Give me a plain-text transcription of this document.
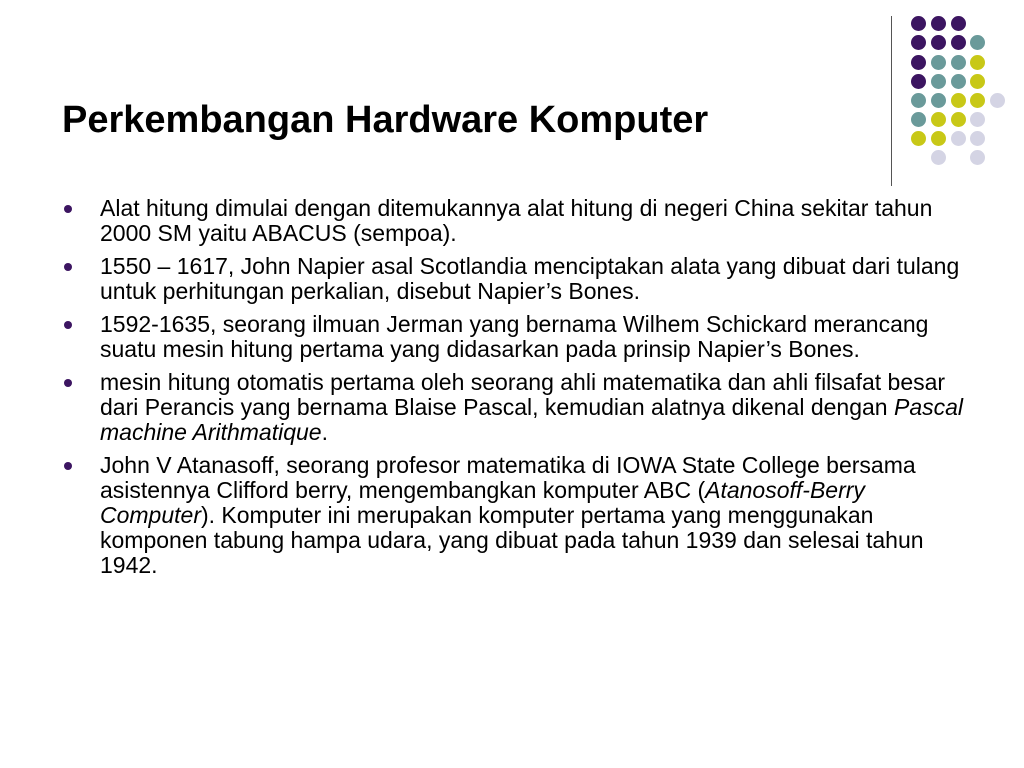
Perkembangan Hardware Komputer
Alat hitung dimulai dengan ditemukannya alat hitung di negeri China sekitar tahun 2000 SM yaitu ABACUS (sempoa).
1550 – 1617, John Napier asal Scotlandia menciptakan alata yang dibuat dari tulang untuk perhitungan perkalian, disebut Napier’s Bones.
1592-1635, seorang ilmuan Jerman yang bernama Wilhem Schickard merancang suatu mesin hitung pertama yang didasarkan pada prinsip Napier’s Bones.
mesin hitung otomatis pertama oleh seorang ahli matematika dan ahli filsafat besar dari Perancis yang bernama Blaise Pascal, kemudian alatnya dikenal dengan Pascal machine Arithmatique.
John V Atanasoff, seorang profesor matematika di IOWA State College bersama asistennya Clifford berry, mengembangkan komputer ABC (Atanosoff-Berry Computer). Komputer ini merupakan komputer pertama yang menggunakan komponen tabung hampa udara, yang dibuat pada tahun 1939 dan selesai tahun 1942.
